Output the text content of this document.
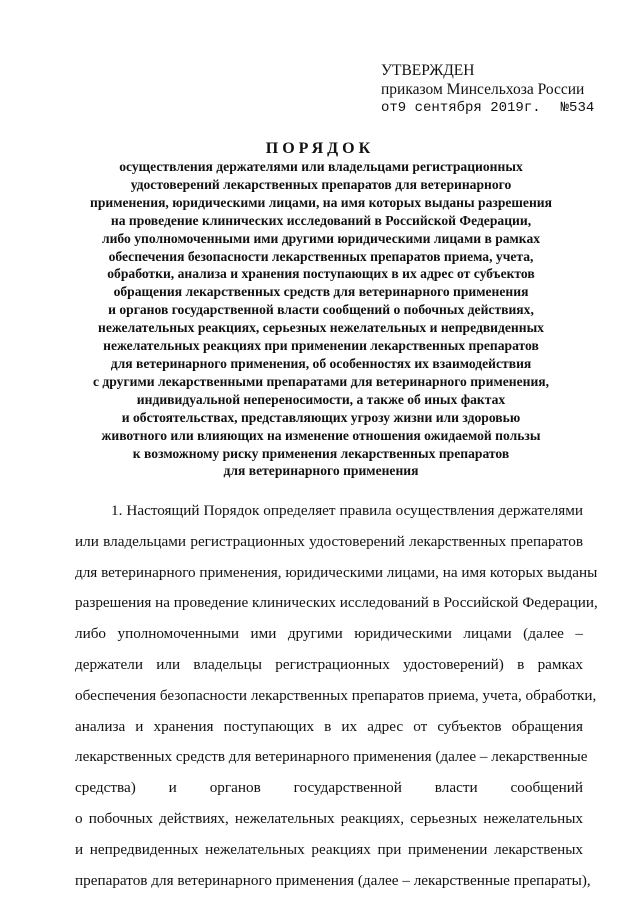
УТВЕРЖДЕН
приказом Минсельхоза России
от9 сентября 2019г. №534
ПОРЯДОК
осуществления держателями или владельцами регистрационных
удостоверений лекарственных препаратов для ветеринарного
применения, юридическими лицами, на имя которых выданы разрешения
на проведение клинических исследований в Российской Федерации,
либо уполномоченными ими другими юридическими лицами в рамках
обеспечения безопасности лекарственных препаратов приема, учета,
обработки, анализа и хранения поступающих в их адрес от субъектов
обращения лекарственных средств для ветеринарного применения
и органов государственной власти сообщений о побочных действиях,
нежелательных реакциях, серьезных нежелательных и непредвиденных
нежелательных реакциях при применении лекарственных препаратов
для ветеринарного применения, об особенностях их взаимодействия
с другими лекарственными препаратами для ветеринарного применения,
индивидуальной непереносимости, а также об иных фактах
и обстоятельствах, представляющих угрозу жизни или здоровью
животного или влияющих на изменение отношения ожидаемой пользы
к возможному риску применения лекарственных препаратов
для ветеринарного применения
1. Настоящий Порядок определяет правила осуществления держателями
или владельцами регистрационных удостоверений лекарственных препаратов
для ветеринарного применения, юридическими лицами, на имя которых выданы
разрешения на проведение клинических исследований в Российской Федерации,
либо уполномоченными ими другими юридическими лицами (далее –
держатели или владельцы регистрационных удостоверений) в рамках
обеспечения безопасности лекарственных препаратов приема, учета, обработки,
анализа и хранения поступающих в их адрес от субъектов обращения
лекарственных средств для ветеринарного применения (далее – лекарственные
средства) и органов государственной власти сообщений
о побочных действиях, нежелательных реакциях, серьезных нежелательных
и непредвиденных нежелательных реакциях при применении лекарственых
препаратов для ветеринарного применения (далее – лекарственные препараты),
